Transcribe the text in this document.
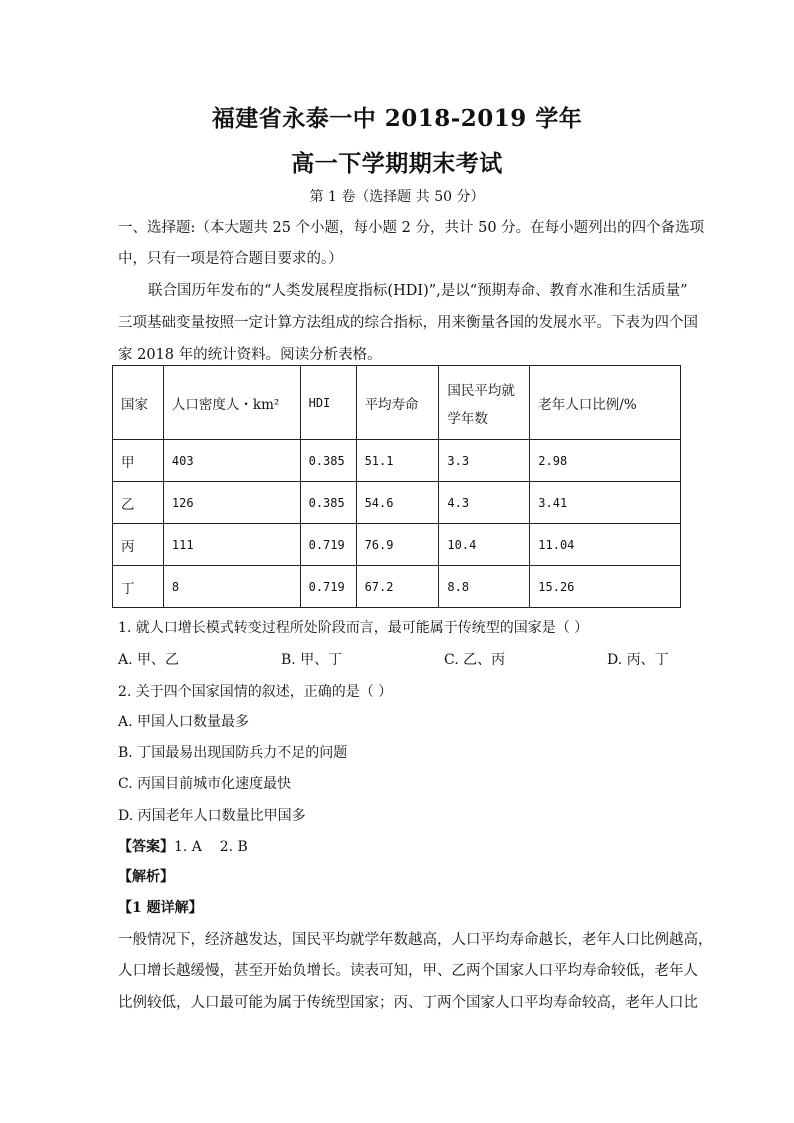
福建省永泰一中 2018-2019 学年
高一下学期期末考试
第 1 卷（选择题 共 50 分）
一、选择题:（本大题共 25 个小题，每小题 2 分，共计 50 分。在每小题列出的四个备选项
中，只有一项是符合题目要求的。）
联合国历年发布的“人类发展程度指标(HDI)”,是以“预期寿命、教育水准和生活质量”
三项基础变量按照一定计算方法组成的综合指标，用来衡量各国的发展水平。下表为四个国
家 2018 年的统计资料。阅读分析表格。
国家	人口密度人・km²	HDI	平均寿命	国民平均就
学年数	老年人口比例/%
甲	403	0.385	51.1	3.3	2.98
乙	126	0.385	54.6	4.3	3.41
丙	111	0.719	76.9	10.4	11.04
丁	8	0.719	67.2	8.8	15.26
1. 就人口增长模式转变过程所处阶段而言，最可能属于传统型的国家是（ ）
A. 甲、乙	B. 甲、丁	C. 乙、丙	D. 丙、丁
2. 关于四个国家国情的叙述，正确的是（ ）
A. 甲国人口数量最多
B. 丁国最易出现国防兵力不足的问题
C. 丙国目前城市化速度最快
D. 丙国老年人口数量比甲国多
【答案】1. A    2. B
【解析】
【1 题详解】
一般情况下，经济越发达，国民平均就学年数越高，人口平均寿命越长，老年人口比例越高，
人口增长越缓慢，甚至开始负增长。读表可知，甲、乙两个国家人口平均寿命较低，老年人
比例较低，人口最可能为属于传统型国家；丙、丁两个国家人口平均寿命较高，老年人口比
